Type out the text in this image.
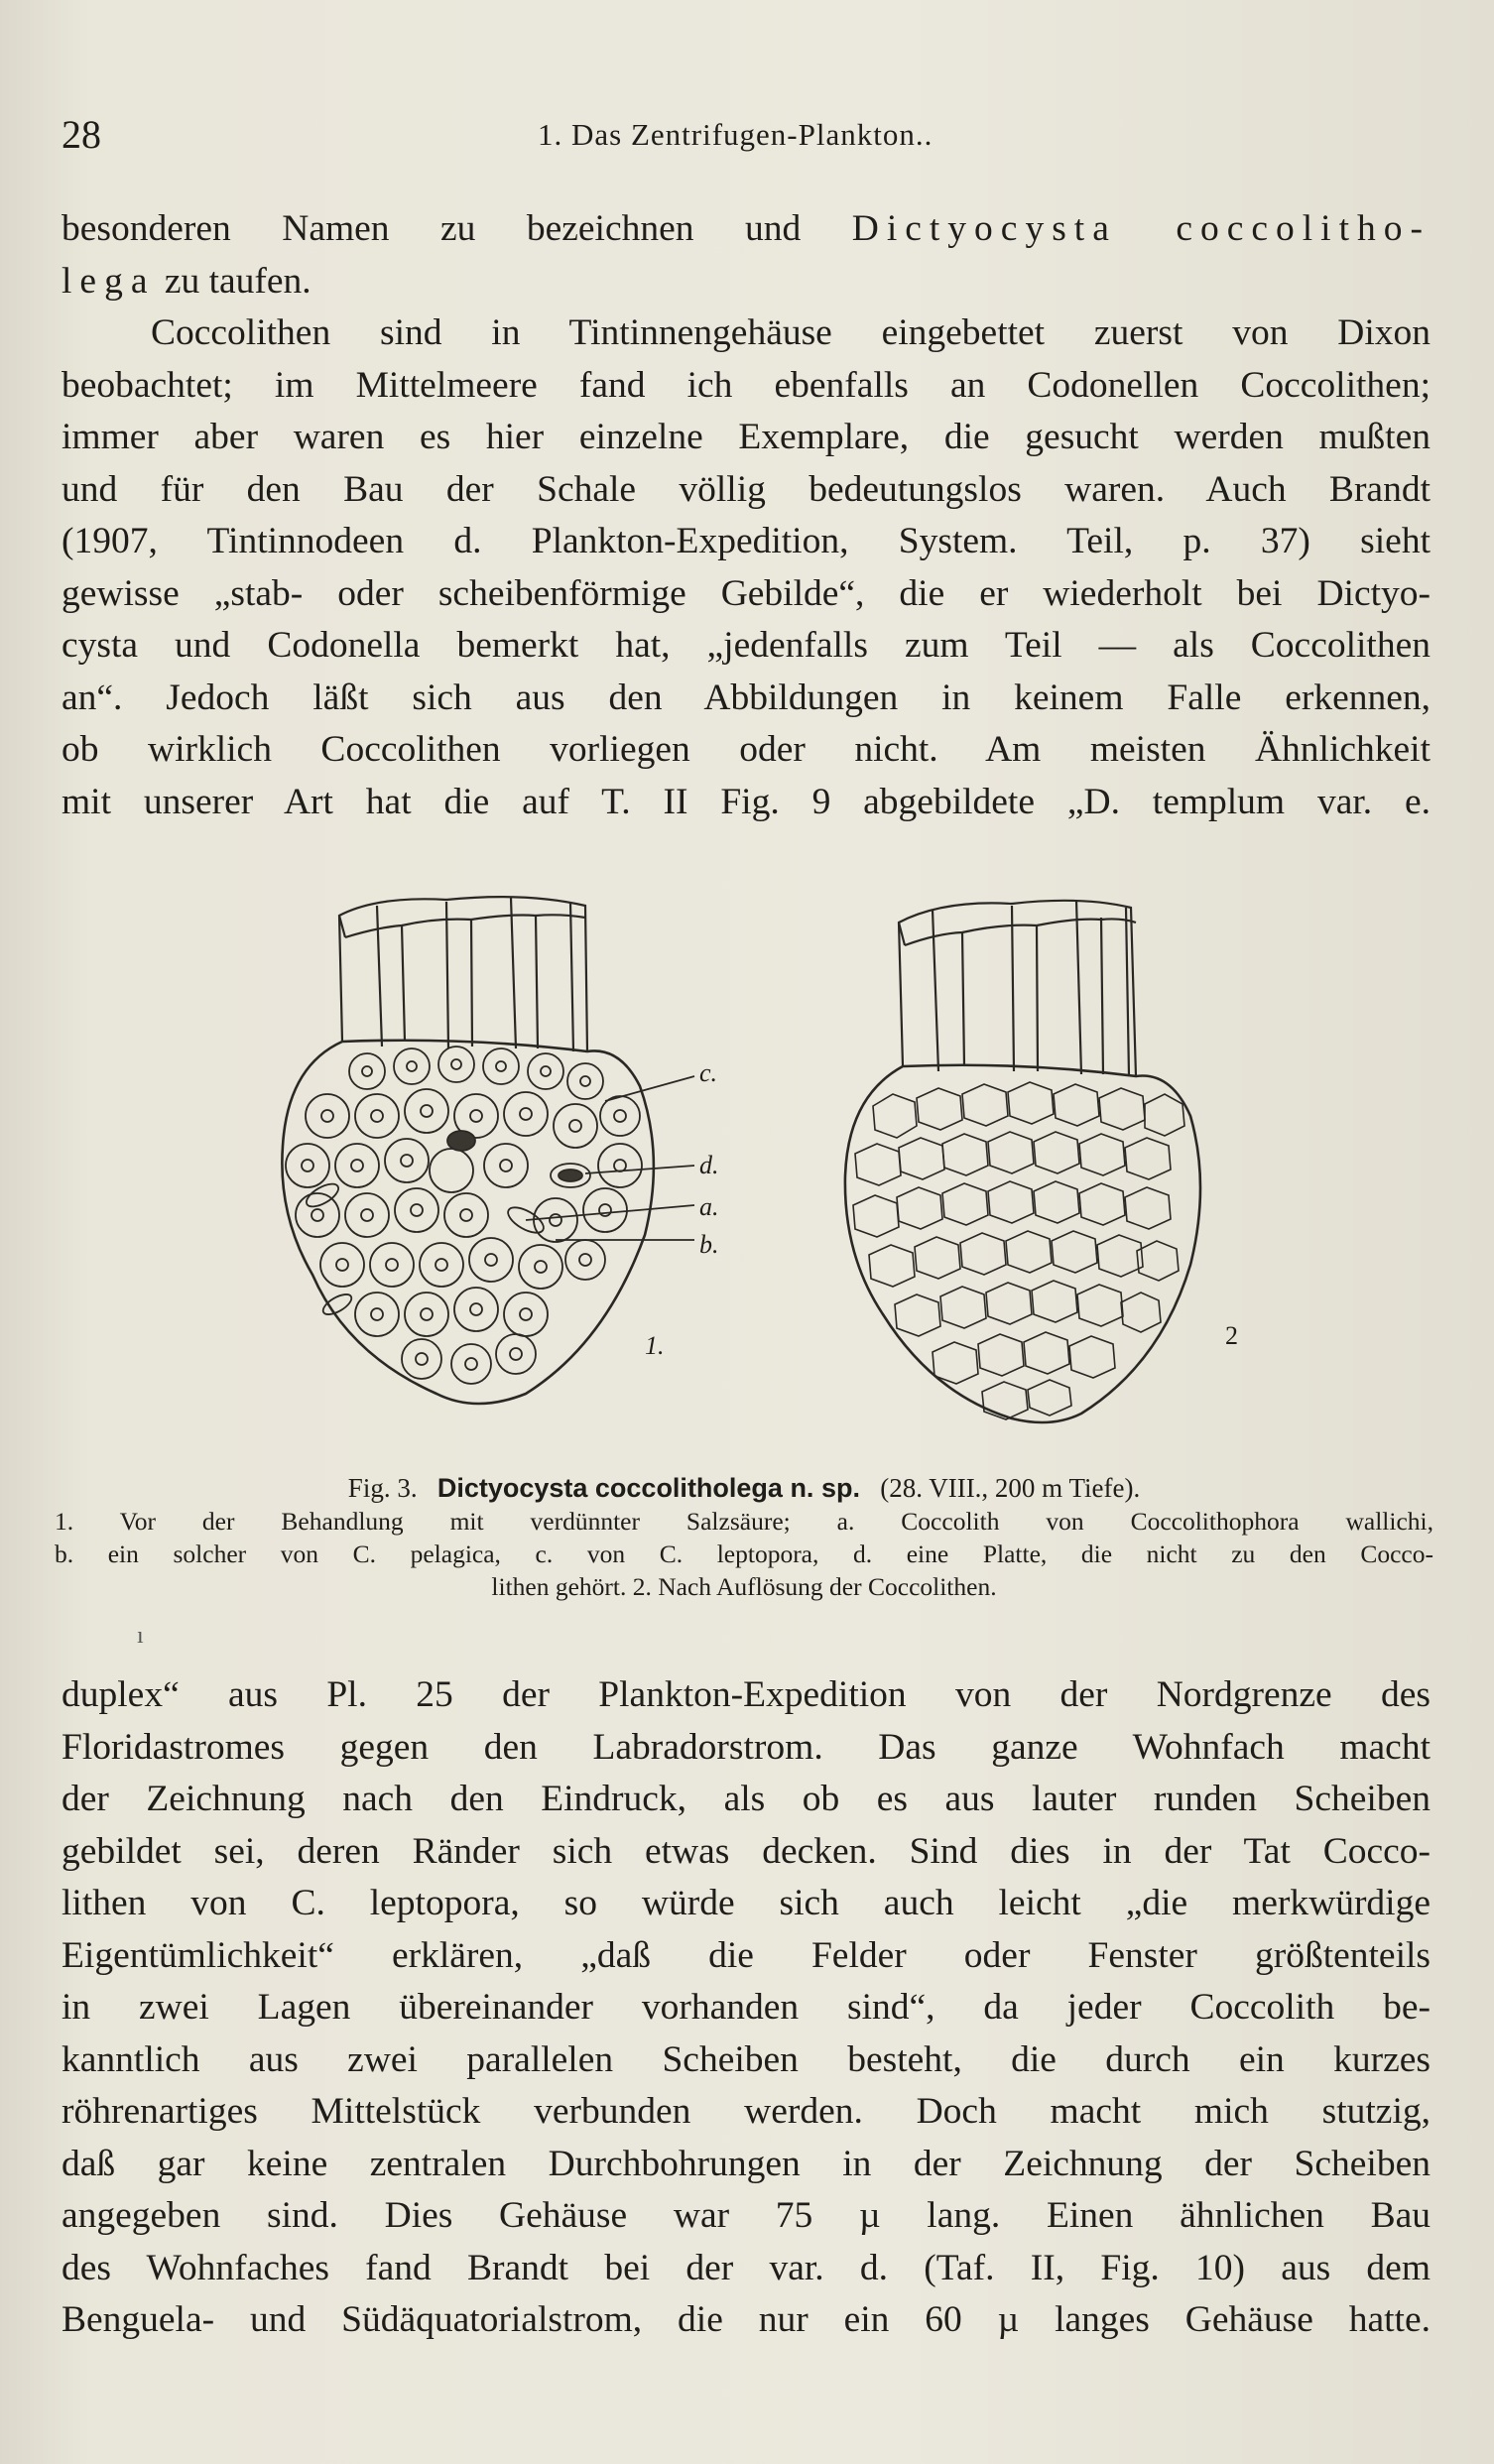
28	1. Das Zentrifugen-Plankton..
besonderen Namen zu bezeichnen und Dictyocysta coccolitho-
lega zu taufen.
Coccolithen sind in Tintinnengehäuse eingebettet zuerst von Dixon
beobachtet; im Mittelmeere fand ich ebenfalls an Codonellen Coccolithen;
immer aber waren es hier einzelne Exemplare, die gesucht werden mußten
und für den Bau der Schale völlig bedeutungslos waren. Auch Brandt
(1907, Tintinnodeen d. Plankton-Expedition, System. Teil, p. 37) sieht
gewisse „stab- oder scheibenförmige Gebilde“, die er wiederholt bei Dictyo-
cysta und Codonella bemerkt hat, „jedenfalls zum Teil — als Coccolithen
an“. Jedoch läßt sich aus den Abbildungen in keinem Falle erkennen,
ob wirklich Coccolithen vorliegen oder nicht. Am meisten Ähnlichkeit
mit unserer Art hat die auf T. II Fig. 9 abgebildete „D. templum var. e.
c.
d.
a.
b.
1.	2
Fig. 3. Dictyocysta coccolitholega n. sp. (28. VIII., 200 m Tiefe).
1. Vor der Behandlung mit verdünnter Salzsäure; a. Coccolith von Coccolithophora wallichi,
b. ein solcher von C. pelagica, c. von C. leptopora, d. eine Platte, die nicht zu den Cocco-
lithen gehört. 2. Nach Auflösung der Coccolithen.
ı
duplex“ aus Pl. 25 der Plankton-Expedition von der Nordgrenze des
Floridastromes gegen den Labradorstrom. Das ganze Wohnfach macht
der Zeichnung nach den Eindruck, als ob es aus lauter runden Scheiben
gebildet sei, deren Ränder sich etwas decken. Sind dies in der Tat Cocco-
lithen von C. leptopora, so würde sich auch leicht „die merkwürdige
Eigentümlichkeit“ erklären, „daß die Felder oder Fenster größtenteils
in zwei Lagen übereinander vorhanden sind“, da jeder Coccolith be-
kanntlich aus zwei parallelen Scheiben besteht, die durch ein kurzes
röhrenartiges Mittelstück verbunden werden. Doch macht mich stutzig,
daß gar keine zentralen Durchbohrungen in der Zeichnung der Scheiben
angegeben sind. Dies Gehäuse war 75 µ lang. Einen ähnlichen Bau
des Wohnfaches fand Brandt bei der var. d. (Taf. II, Fig. 10) aus dem
Benguela- und Südäquatorialstrom, die nur ein 60 µ langes Gehäuse hatte.
